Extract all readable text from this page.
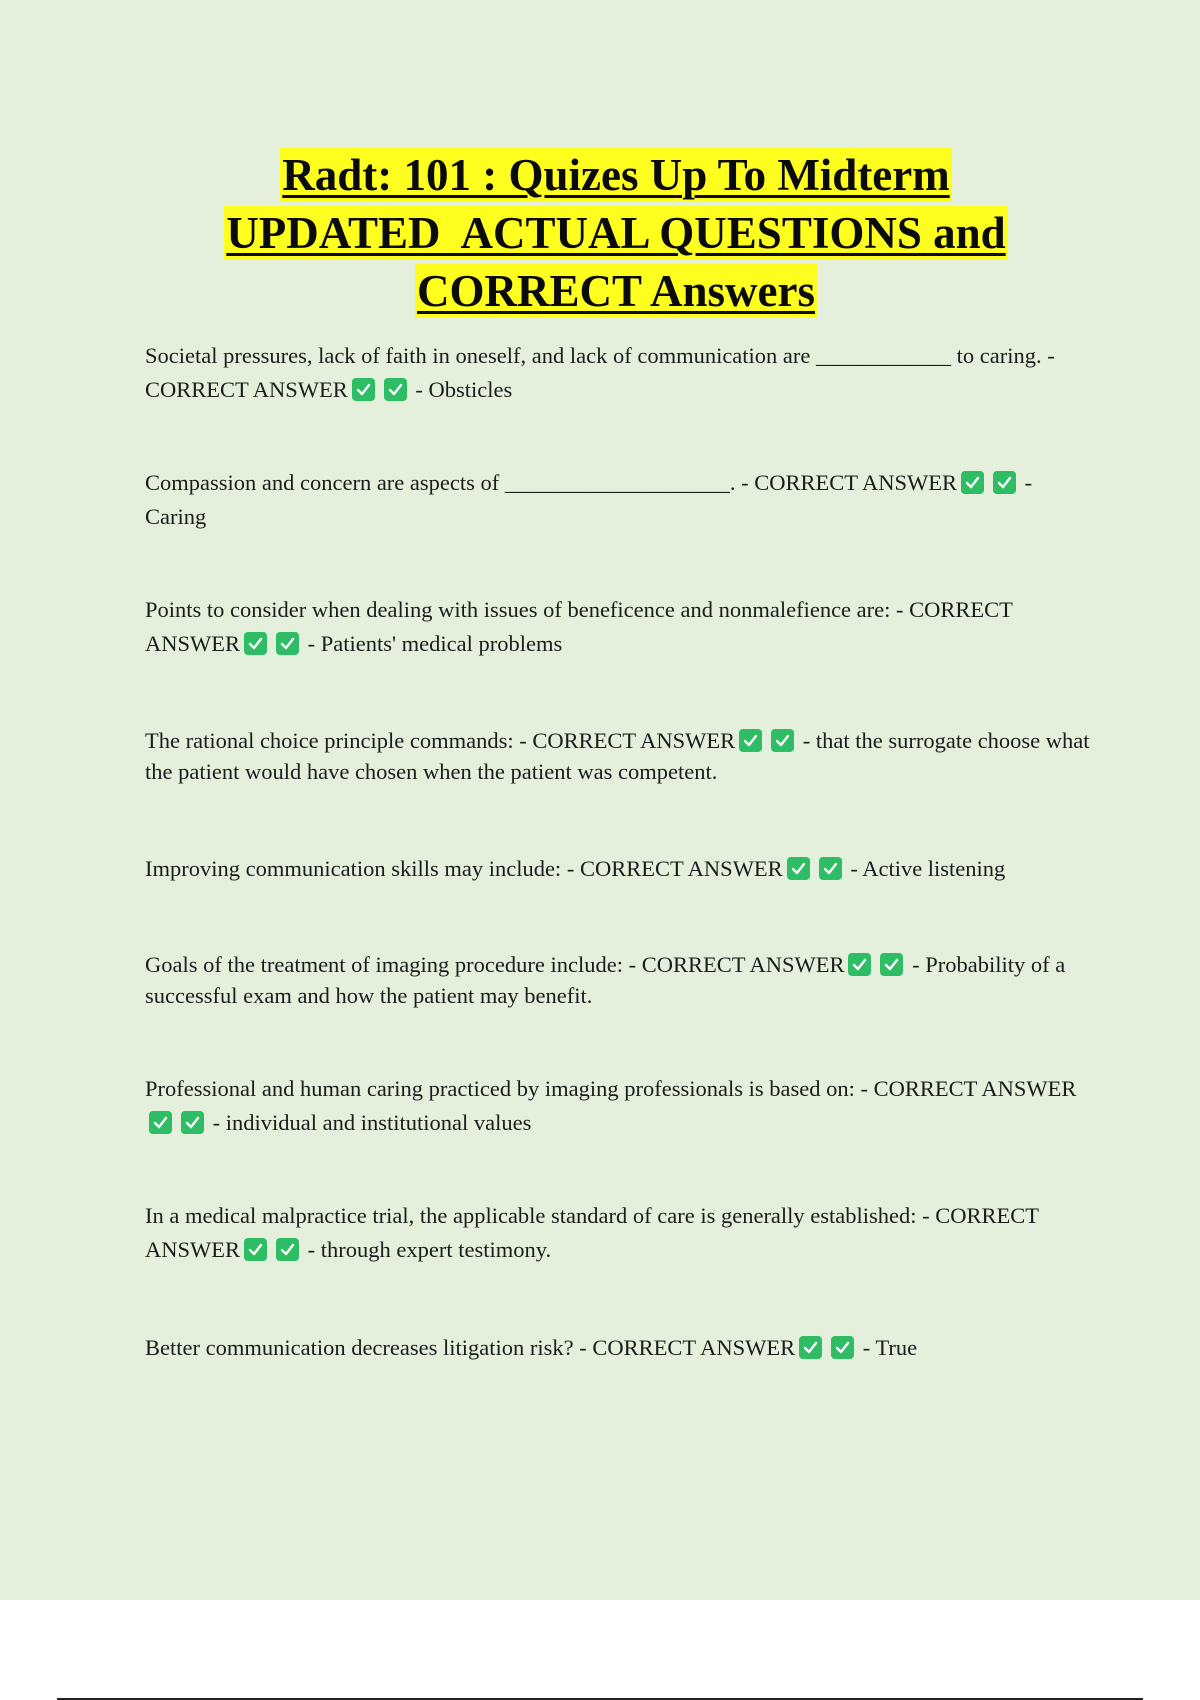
Radt: 101 : Quizes Up To Midterm
UPDATED  ACTUAL QUESTIONS and
CORRECT Answers
Societal pressures, lack of faith in oneself, and lack of communication are ____________ to caring. - CORRECT ANSWER	- Obsticles
Compassion and concern are aspects of ____________________. - CORRECT ANSWER	- Caring
Points to consider when dealing with issues of beneficence and nonmalefience are: - CORRECT ANSWER	- Patients' medical problems
The rational choice principle commands: - CORRECT ANSWER	- that the surrogate choose what the patient would have chosen when the patient was competent.
Improving communication skills may include: - CORRECT ANSWER	- Active listening
Goals of the treatment of imaging procedure include: - CORRECT ANSWER	- Probability of a successful exam and how the patient may benefit.
Professional and human caring practiced by imaging professionals is based on: - CORRECT ANSWER
- individual and institutional values
In a medical malpractice trial, the applicable standard of care is generally established: - CORRECT ANSWER	- through expert testimony.
Better communication decreases litigation risk? - CORRECT ANSWER	- True
